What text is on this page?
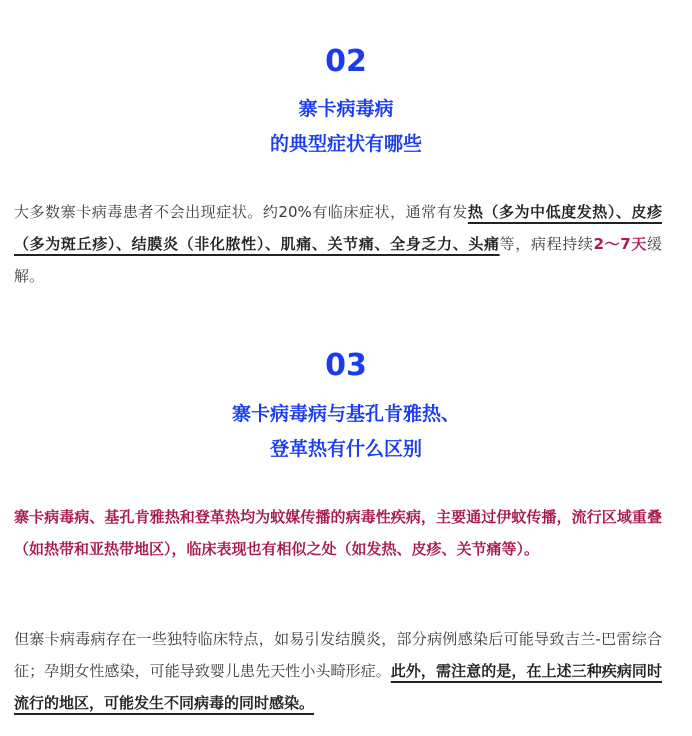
02
寨卡病毒病
的典型症状有哪些
大多数寨卡病毒患者不会出现症状。约20%有临床症状，通常有发热（多为中低度发热）、皮疹（多为斑丘疹）、结膜炎（非化脓性）、肌痛、关节痛、全身乏力、头痛等，病程持续2～7天缓解。
03
寨卡病毒病与基孔肯雅热、
登革热有什么区别
寨卡病毒病、基孔肯雅热和登革热均为蚊媒传播的病毒性疾病，主要通过伊蚊传播，流行区域重叠（如热带和亚热带地区），临床表现也有相似之处（如发热、皮疹、关节痛等）。
但寨卡病毒病存在一些独特临床特点，如易引发结膜炎，部分病例感染后可能导致吉兰-巴雷综合征；孕期女性感染，可能导致婴儿患先天性小头畸形症。此外，需注意的是，在上述三种疾病同时流行的地区，可能发生不同病毒的同时感染。
